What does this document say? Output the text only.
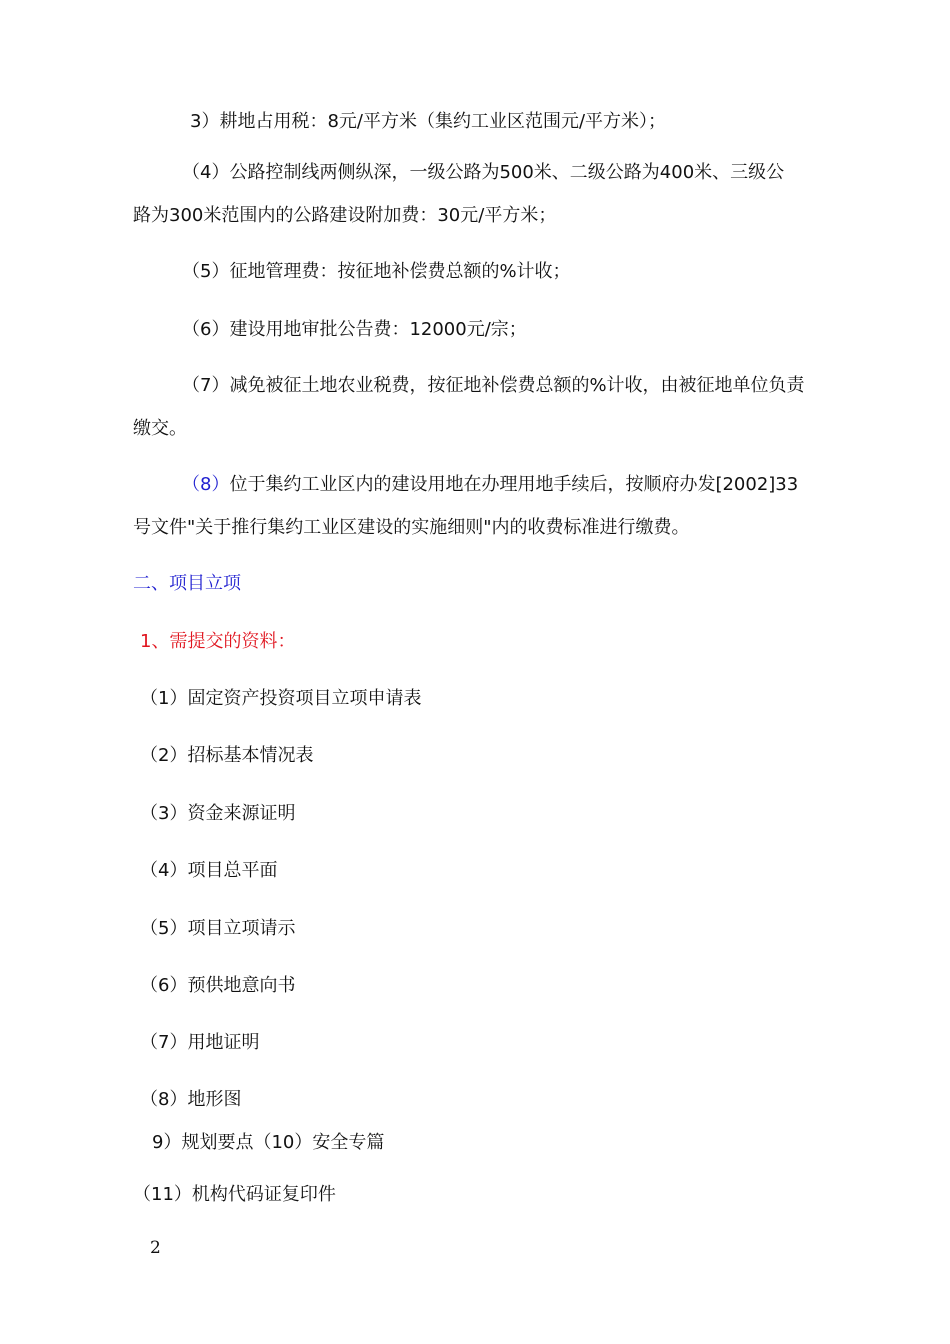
3）耕地占用税：8元/平方米（集约工业区范围元/平方米）；
（4）公路控制线两侧纵深，一级公路为500米、二级公路为400米、三级公
路为300米范围内的公路建设附加费：30元/平方米；
（5）征地管理费：按征地补偿费总额的%计收；
（6）建设用地审批公告费：12000元/宗；
（7）减免被征土地农业税费，按征地补偿费总额的%计收，由被征地单位负责
缴交。
（8）位于集约工业区内的建设用地在办理用地手续后，按顺府办发[2002]33
号文件"关于推行集约工业区建设的实施细则"内的收费标准进行缴费。
二、项目立项
1、需提交的资料：
（1）固定资产投资项目立项申请表
（2）招标基本情况表
（3）资金来源证明
（4）项目总平面
（5）项目立项请示
（6）预供地意向书
（7）用地证明
（8）地形图
9）规划要点（10）安全专篇
（11）机构代码证复印件
2
